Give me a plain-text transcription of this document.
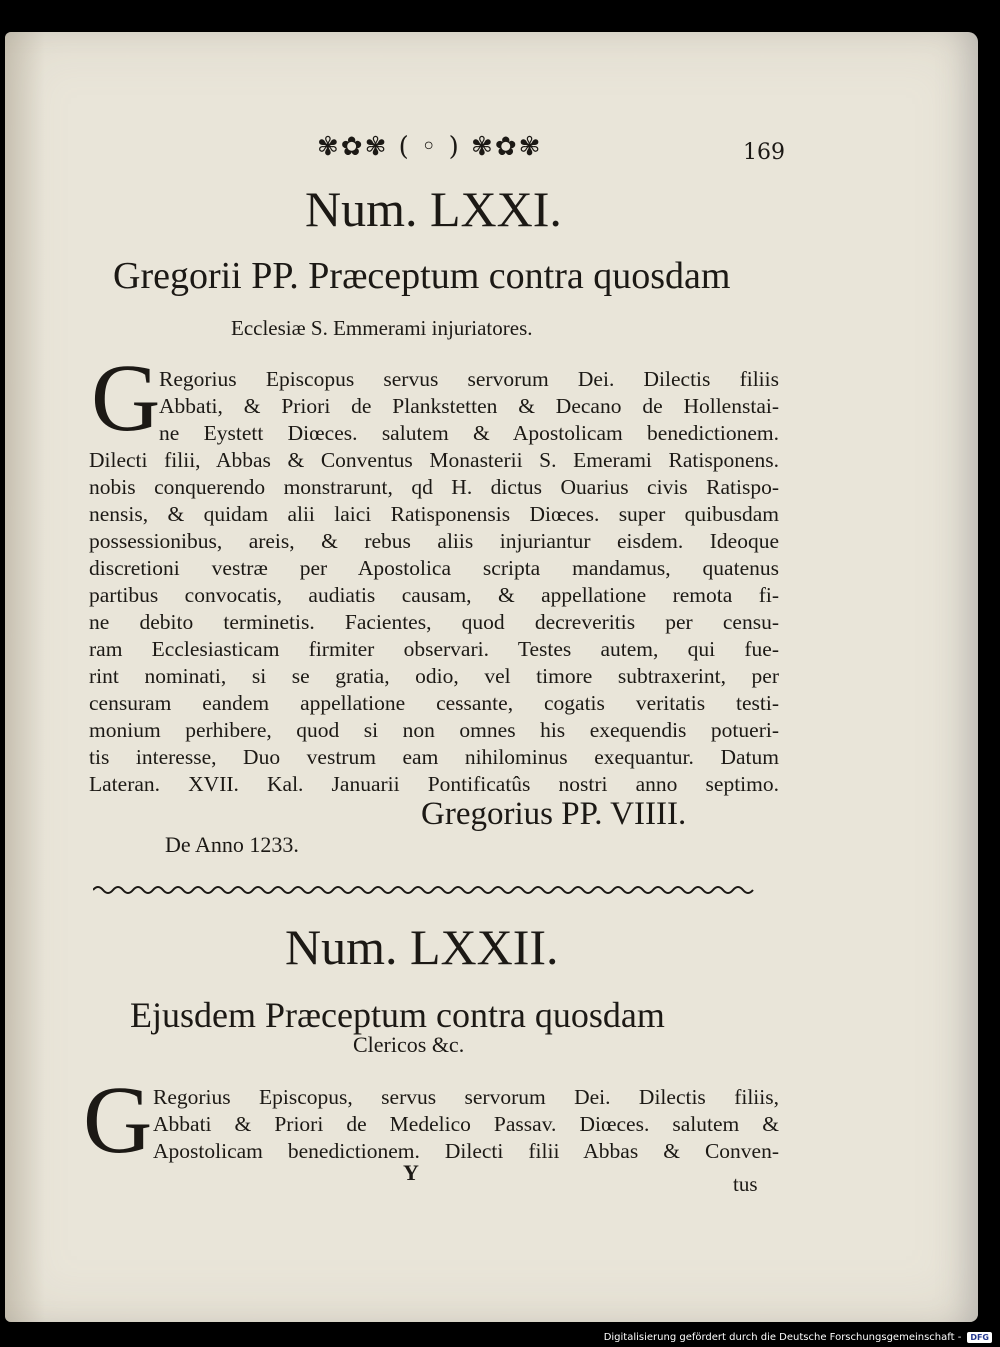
✾✿✾ ( ◦ ) ✾✿✾	169
Num. LXXI.
Gregorii PP. Præceptum contra quosdam
Ecclesiæ S. Emmerami injuriatores.
G
Regorius Episcopus servus servorum Dei. Dilectis filiis
Abbati, & Priori de Plankstetten & Decano de Hollenstai-
ne Eystett Diœces. salutem & Apostolicam benedictionem.
Dilecti filii, Abbas & Conventus Monasterii S. Emerami Ratisponens.
nobis conquerendo monstrarunt, qd H. dictus Ouarius civis Ratispo-
nensis, & quidam alii laici Ratisponensis Diœces. super quibusdam
possessionibus, areis, & rebus aliis injuriantur eisdem. Ideoque
discretioni vestræ per Apostolica scripta mandamus, quatenus
partibus convocatis, audiatis causam, & appellatione remota fi-
ne debito terminetis. Facientes, quod decreveritis per censu-
ram Ecclesiasticam firmiter observari. Testes autem, qui fue-
rint nominati, si se gratia, odio, vel timore subtraxerint, per
censuram eandem appellatione cessante, cogatis veritatis testi-
monium perhibere, quod si non omnes his exequendis potueri-
tis interesse, Duo vestrum eam nihilominus exequantur. Datum
Lateran. XVII. Kal. Januarii Pontificatûs nostri anno septimo.
Gregorius PP. VIIII.
De Anno 1233.
Num. LXXII.
Ejusdem Præceptum contra quosdam
Clericos &c.
G Regorius Episcopus, servus servorum Dei. Dilectis filiis,
Abbati & Priori de Medelico Passav. Diœces. salutem &
Apostolicam benedictionem. Dilecti filii Abbas & Conven-
Y	tus
Digitalisierung gefördert durch die Deutsche Forschungsgemeinschaft -	DFG
